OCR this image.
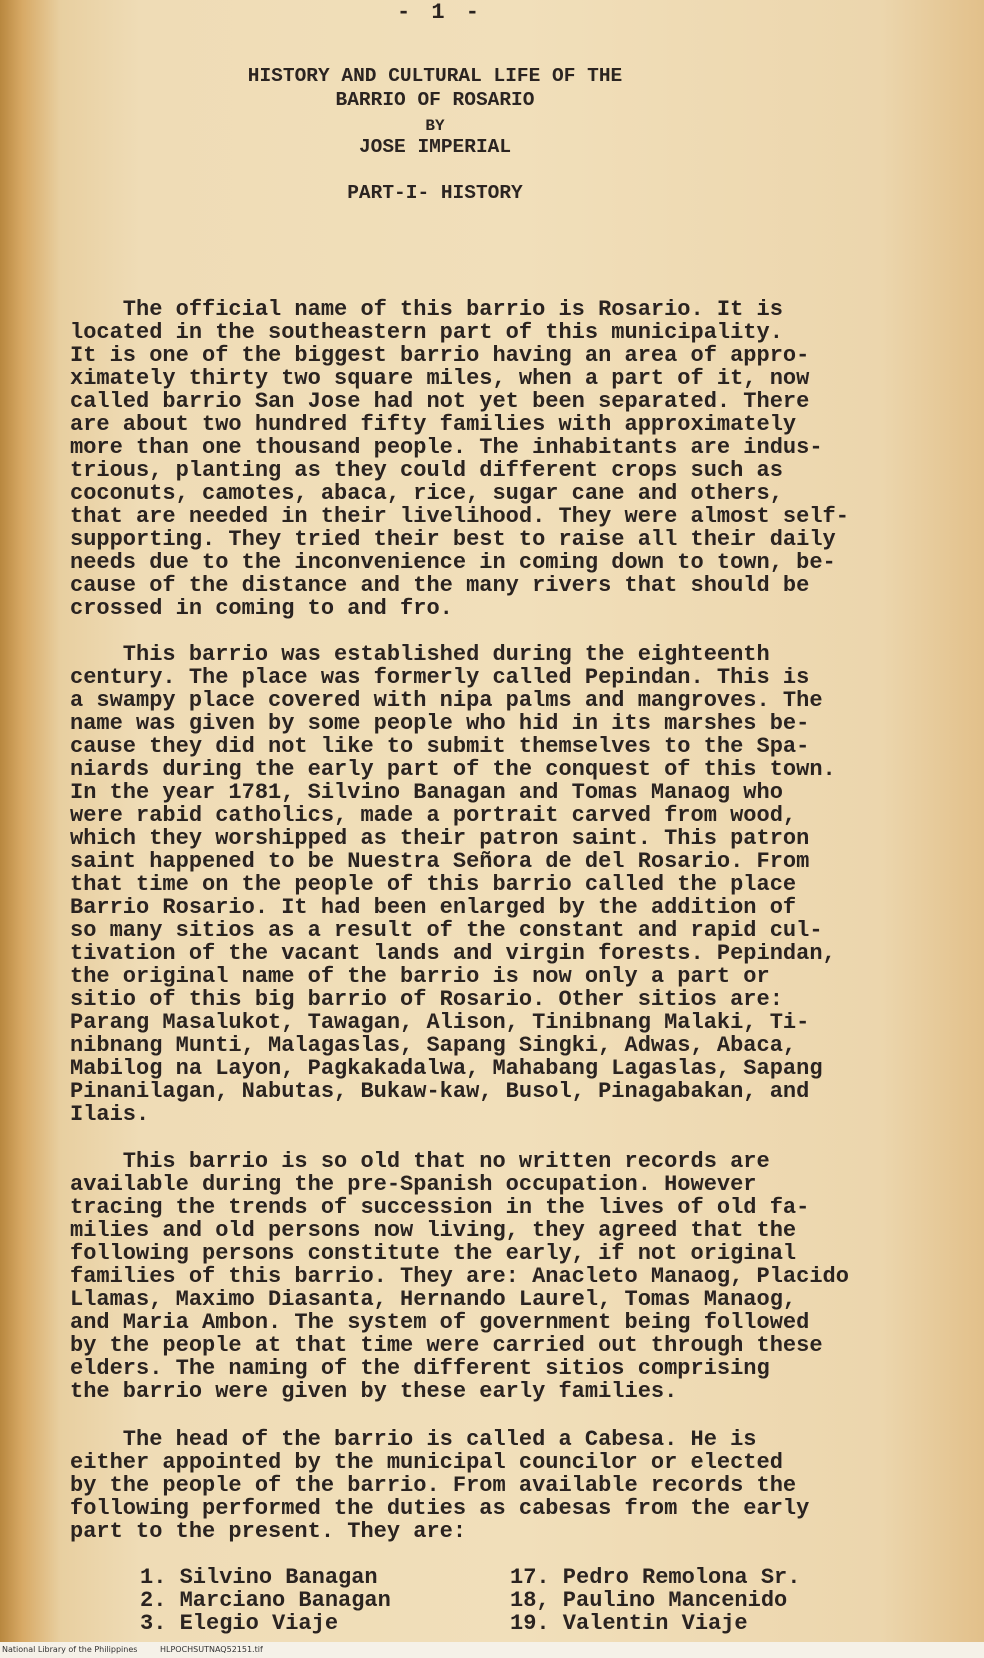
- 1 -
HISTORY AND CULTURAL LIFE OF THE
BARRIO OF ROSARIO
BY
JOSE IMPERIAL
PART-I- HISTORY

The official name of this barrio is Rosario. It is
located in the southeastern part of this municipality.
It is one of the biggest barrio having an area of appro-
ximately thirty two square miles, when a part of it, now
called barrio San Jose had not yet been separated. There
are about two hundred fifty families with approximately
more than one thousand people. The inhabitants are indus-
trious, planting as they could different crops such as
coconuts, camotes, abaca, rice, sugar cane and others,
that are needed in their livelihood. They were almost self-
supporting. They tried their best to raise all their daily
needs due to the inconvenience in coming down to town, be-
cause of the distance and the many rivers that should be
crossed in coming to and fro.

This barrio was established during the eighteenth
century. The place was formerly called Pepindan. This is
a swampy place covered with nipa palms and mangroves. The
name was given by some people who hid in its marshes be-
cause they did not like to submit themselves to the Spa-
niards during the early part of the conquest of this town.
In the year 1781, Silvino Banagan and Tomas Manaog who
were rabid catholics, made a portrait carved from wood,
which they worshipped as their patron saint. This patron
saint happened to be Nuestra Señora de del Rosario. From
that time on the people of this barrio called the place
Barrio Rosario. It had been enlarged by the addition of
so many sitios as a result of the constant and rapid cul-
tivation of the vacant lands and virgin forests. Pepindan,
the original name of the barrio is now only a part or
sitio of this big barrio of Rosario. Other sitios are:
Parang Masalukot, Tawagan, Alison, Tinibnang Malaki, Ti-
nibnang Munti, Malagaslas, Sapang Singki, Adwas, Abaca,
Mabilog na Layon, Pagkakadalwa, Mahabang Lagaslas, Sapang
Pinanilagan, Nabutas, Bukaw-kaw, Busol, Pinagabakan, and
Ilais.

This barrio is so old that no written records are
available during the pre-Spanish occupation. However
tracing the trends of succession in the lives of old fa-
milies and old persons now living, they agreed that the
following persons constitute the early, if not original
families of this barrio. They are: Anacleto Manaog, Placido
Llamas, Maximo Diasanta, Hernando Laurel, Tomas Manaog,
and Maria Ambon. The system of government being followed
by the people at that time were carried out through these
elders. The naming of the different sitios comprising
the barrio were given by these early families.

The head of the barrio is called a Cabesa. He is
either appointed by the municipal councilor or elected
by the people of the barrio. From available records the
following performed the duties as cabesas from the early
part to the present. They are:

1. Silvino Banagan	17. Pedro Remolona Sr.
2. Marciano Banagan	18, Paulino Mancenido
3. Elegio Viaje	19. Valentin Viaje
National Library of the Philippines	HLPOCHSUTNAQ52151.tif
